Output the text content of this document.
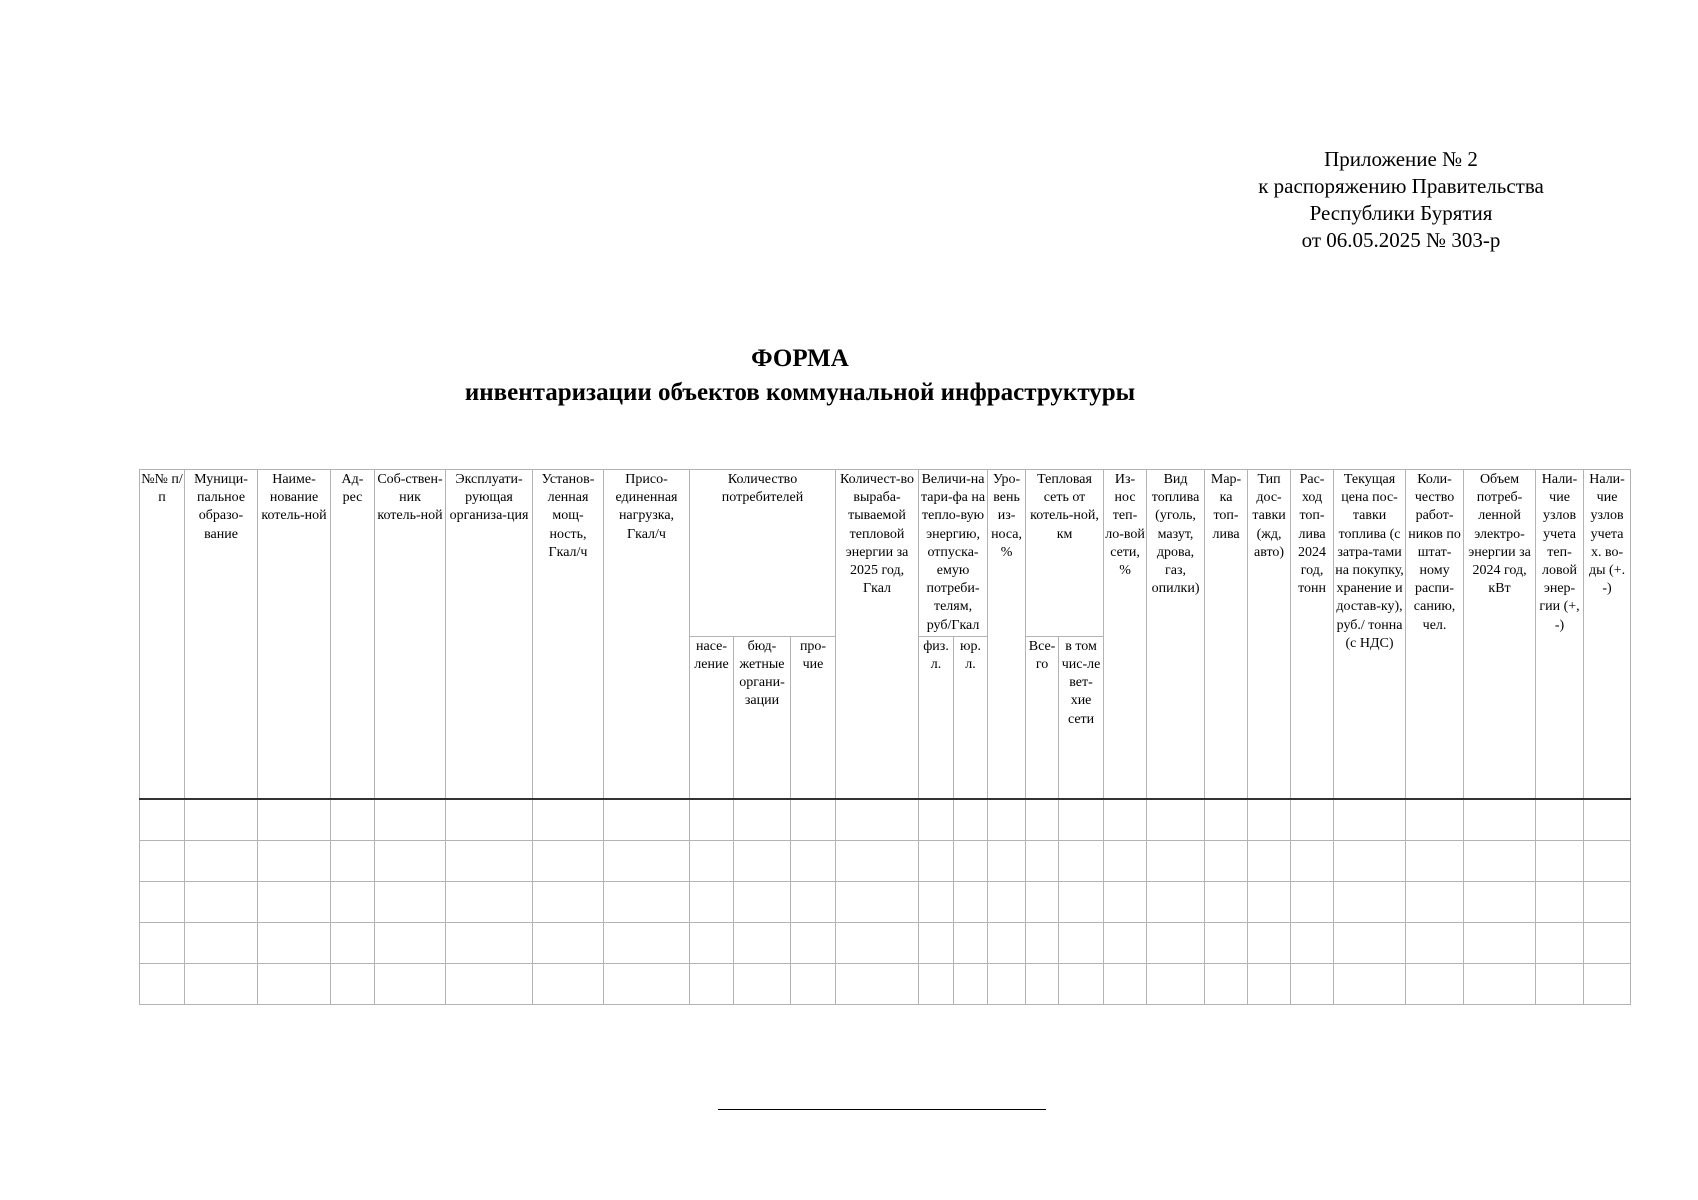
Приложение № 2
к распоряжению Правительства
Республики Бурятия
от 06.05.2025 № 303-р
ФОРМА
инвентаризации объектов коммунальной инфраструктуры
№№ п/п	Муници-пальное образо-вание	Наиме-нование котель-ной	Ад-рес	Соб-ствен-ник котель-ной	Эксплуати-рующая организа-ция	Установ-ленная мощ-ность, Гкал/ч	Присо-единенная нагрузка, Гкал/ч	Количество потребителей			Количест-во выраба-тываемой тепловой энергии за 2025 год, Гкал	Величи-на тари-фа на тепло-вую энергию, отпуска-емую потреби-телям, руб/Гкал		Уро-вень из-носа, %	Тепловая сеть от котель-ной, км		Из-нос теп-ло-вой сети, %	Вид топлива (уголь, мазут, дрова, газ, опилки)	Мар-ка топ-лива	Тип дос-тавки (жд, авто)	Рас-ход топ-лива 2024 год, тонн	Текущая цена пос-тавки топлива (с затра-тами на покупку, хранение и достав-ку), руб./ тонна (с НДС)	Коли-чество работ-ников по штат-ному распи-санию, чел.	Объем потреб-ленной электро-энергии за 2024 год, кВт	Нали-чие узлов учета теп-ловой энер-гии (+, -)	Нали-чие узлов учета х. во-ды (+. -)
								насе-ление	бюд-жетные органи-зации	про-чие		физ. л.	юр. л.		Все-го	в том чис-ле вет-хие сети										
